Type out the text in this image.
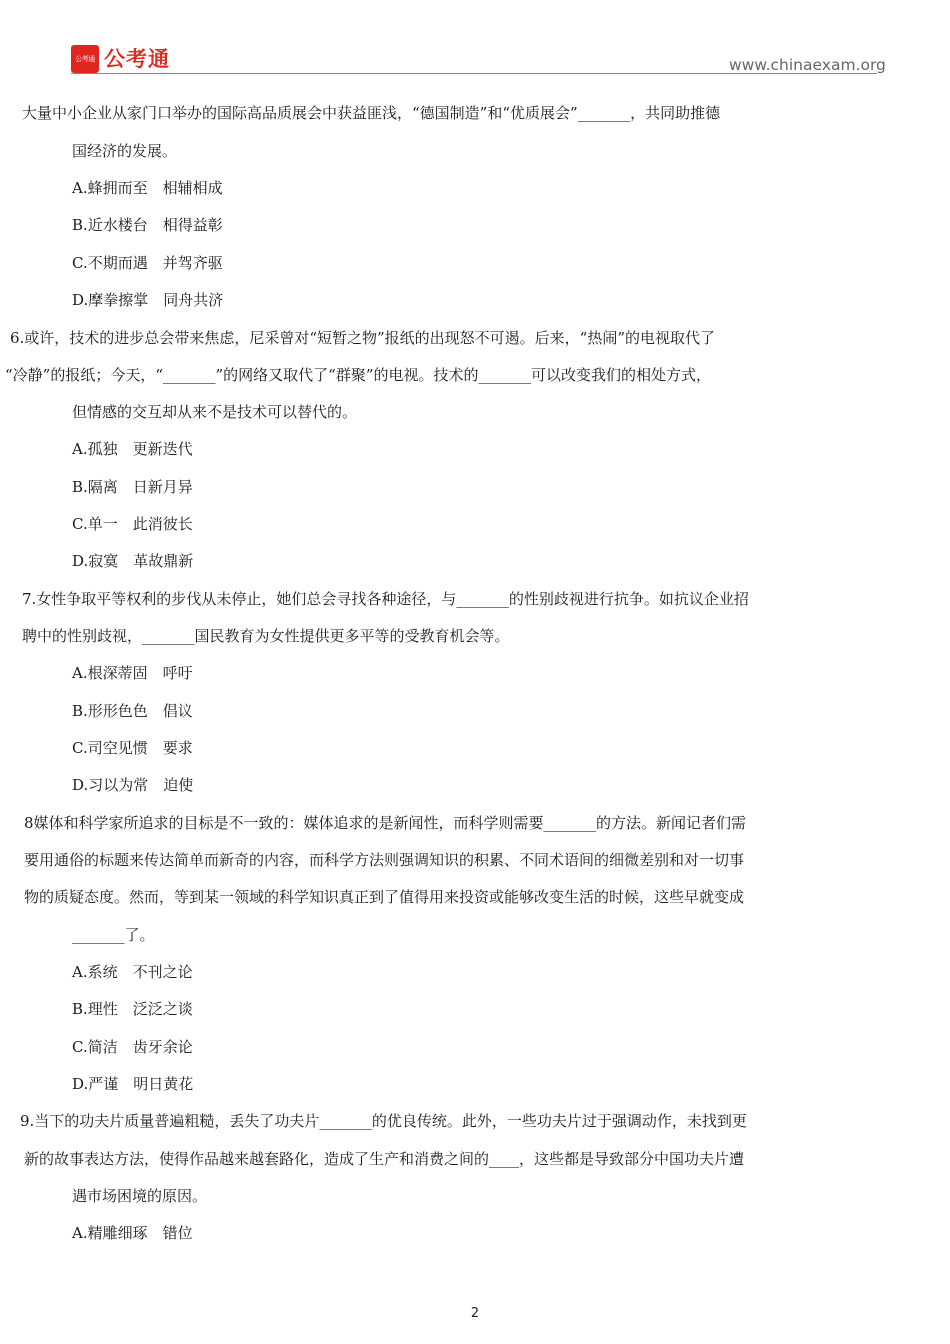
公考通 公考通	www.chinaexam.org
大量中小企业从家门口举办的国际高品质展会中获益匪浅，“德国制造”和“优质展会”_______，共同助推德
国经济的发展。
A.蜂拥而至　相辅相成
B.近水楼台　相得益彰
C.不期而遇　并驾齐驱
D.摩拳擦掌　同舟共济
6.或许，技术的进步总会带来焦虑，尼采曾对“短暂之物”报纸的出现怒不可遏。后来，“热闹”的电视取代了
“冷静”的报纸；今天，“_______”的网络又取代了“群聚”的电视。技术的_______可以改变我们的相处方式，
但情感的交互却从来不是技术可以替代的。
A.孤独　更新迭代
B.隔离　日新月异
C.单一　此消彼长
D.寂寞　革故鼎新
7.女性争取平等权利的步伐从未停止，她们总会寻找各种途径，与_______的性别歧视进行抗争。如抗议企业招
聘中的性别歧视，_______国民教育为女性提供更多平等的受教育机会等。
A.根深蒂固　呼吁
B.形形色色　倡议
C.司空见惯　要求
D.习以为常　迫使
8媒体和科学家所追求的目标是不一致的：媒体追求的是新闻性，而科学则需要_______的方法。新闻记者们需
要用通俗的标题来传达简单而新奇的内容，而科学方法则强调知识的积累、不同术语间的细微差别和对一切事
物的质疑态度。然而，等到某一领域的科学知识真正到了值得用来投资或能够改变生活的时候，这些早就变成
_______了。
A.系统　不刊之论
B.理性　泛泛之谈
C.简洁　齿牙余论
D.严谨　明日黄花
9.当下的功夫片质量普遍粗糙，丢失了功夫片_______的优良传统。此外，一些功夫片过于强调动作，未找到更
新的故事表达方法，使得作品越来越套路化，造成了生产和消费之间的____，这些都是导致部分中国功夫片遭
遇市场困境的原因。
A.精雕细琢　错位
2
